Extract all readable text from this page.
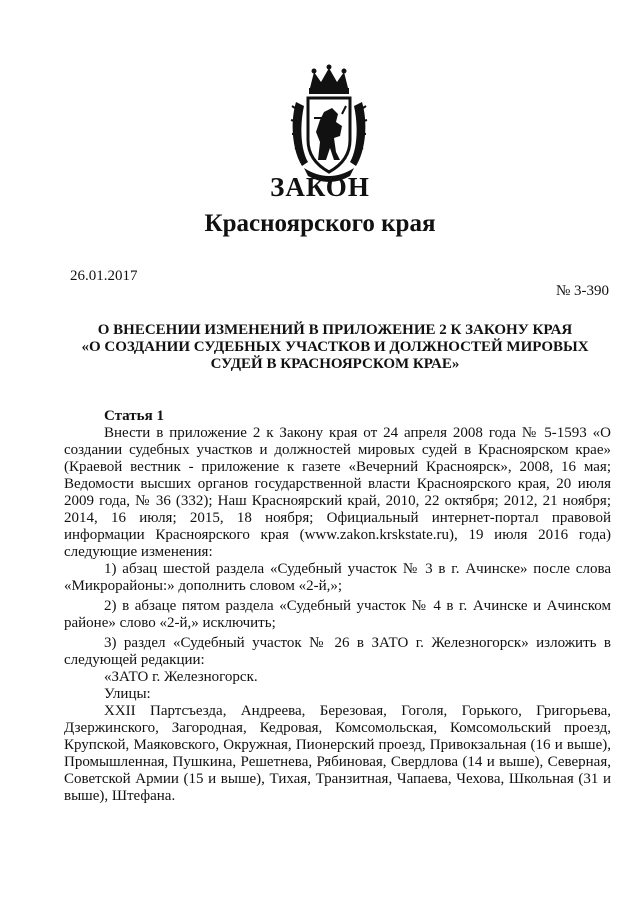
ЗАКОН
Красноярского края
26.01.2017
№ 3-390
О ВНЕСЕНИИ ИЗМЕНЕНИЙ В ПРИЛОЖЕНИЕ 2 К ЗАКОНУ КРАЯ
«О СОЗДАНИИ СУДЕБНЫХ УЧАСТКОВ И ДОЛЖНОСТЕЙ МИРОВЫХ
СУДЕЙ В КРАСНОЯРСКОМ КРАЕ»
Статья 1

Внести в приложение 2 к Закону края от 24 апреля 2008 года № 5-1593 «О создании судебных участков и должностей мировых судей в Красноярском крае» (Краевой вестник - приложение к газете «Вечерний Красноярск», 2008, 16 мая; Ведомости высших органов государственной власти Красноярского края, 20 июля 2009 года, № 36 (332); Наш Красноярский край, 2010, 22 октября; 2012, 21 ноября; 2014, 16 июля; 2015, 18 ноября; Официальный интернет-портал правовой информации Красноярского края (www.zakon.krskstate.ru), 19 июля 2016 года) следующие изменения:

1) абзац шестой раздела «Судебный участок № 3 в г. Ачинске» после слова «Микрорайоны:» дополнить словом «2-й,»;

2) в абзаце пятом раздела «Судебный участок № 4 в г. Ачинске и Ачинском районе» слово «2-й,» исключить;

3) раздел «Судебный участок № 26 в ЗАТО г. Железногорск» изложить в следующей редакции:

«ЗАТО г. Железногорск.

Улицы:

XXII Партсъезда, Андреева, Березовая, Гоголя, Горького, Григорьева, Дзержинского, Загородная, Кедровая, Комсомольская, Комсомольский проезд, Крупской, Маяковского, Окружная, Пионерский проезд, Привокзальная (16 и выше), Промышленная, Пушкина, Решетнева, Рябиновая, Свердлова (14 и выше), Северная, Советской Армии (15 и выше), Тихая, Транзитная, Чапаева, Чехова, Школьная (31 и выше), Штефана.
